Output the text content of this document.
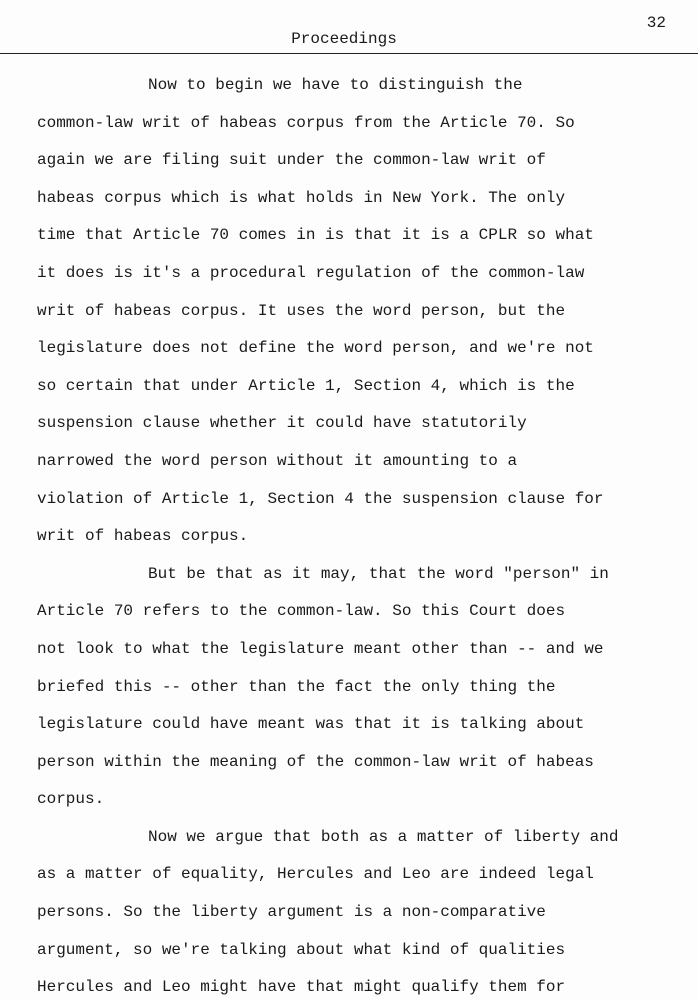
32
Proceedings
Now to begin we have to distinguish the
common-law writ of habeas corpus from the Article 70. So
again we are filing suit under the common-law writ of
habeas corpus which is what holds in New York. The only
time that Article 70 comes in is that it is a CPLR so what
it does is it's a procedural regulation of the common-law
writ of habeas corpus. It uses the word person, but the
legislature does not define the word person, and we're not
so certain that under Article 1, Section 4, which is the
suspension clause whether it could have statutorily
narrowed the word person without it amounting to a
violation of Article 1, Section 4 the suspension clause for
writ of habeas corpus.
But be that as it may, that the word "person" in
Article 70 refers to the common-law. So this Court does
not look to what the legislature meant other than -- and we
briefed this -- other than the fact the only thing the
legislature could have meant was that it is talking about
person within the meaning of the common-law writ of habeas
corpus.
Now we argue that both as a matter of liberty and
as a matter of equality, Hercules and Leo are indeed legal
persons. So the liberty argument is a non-comparative
argument, so we're talking about what kind of qualities
Hercules and Leo might have that might qualify them for
